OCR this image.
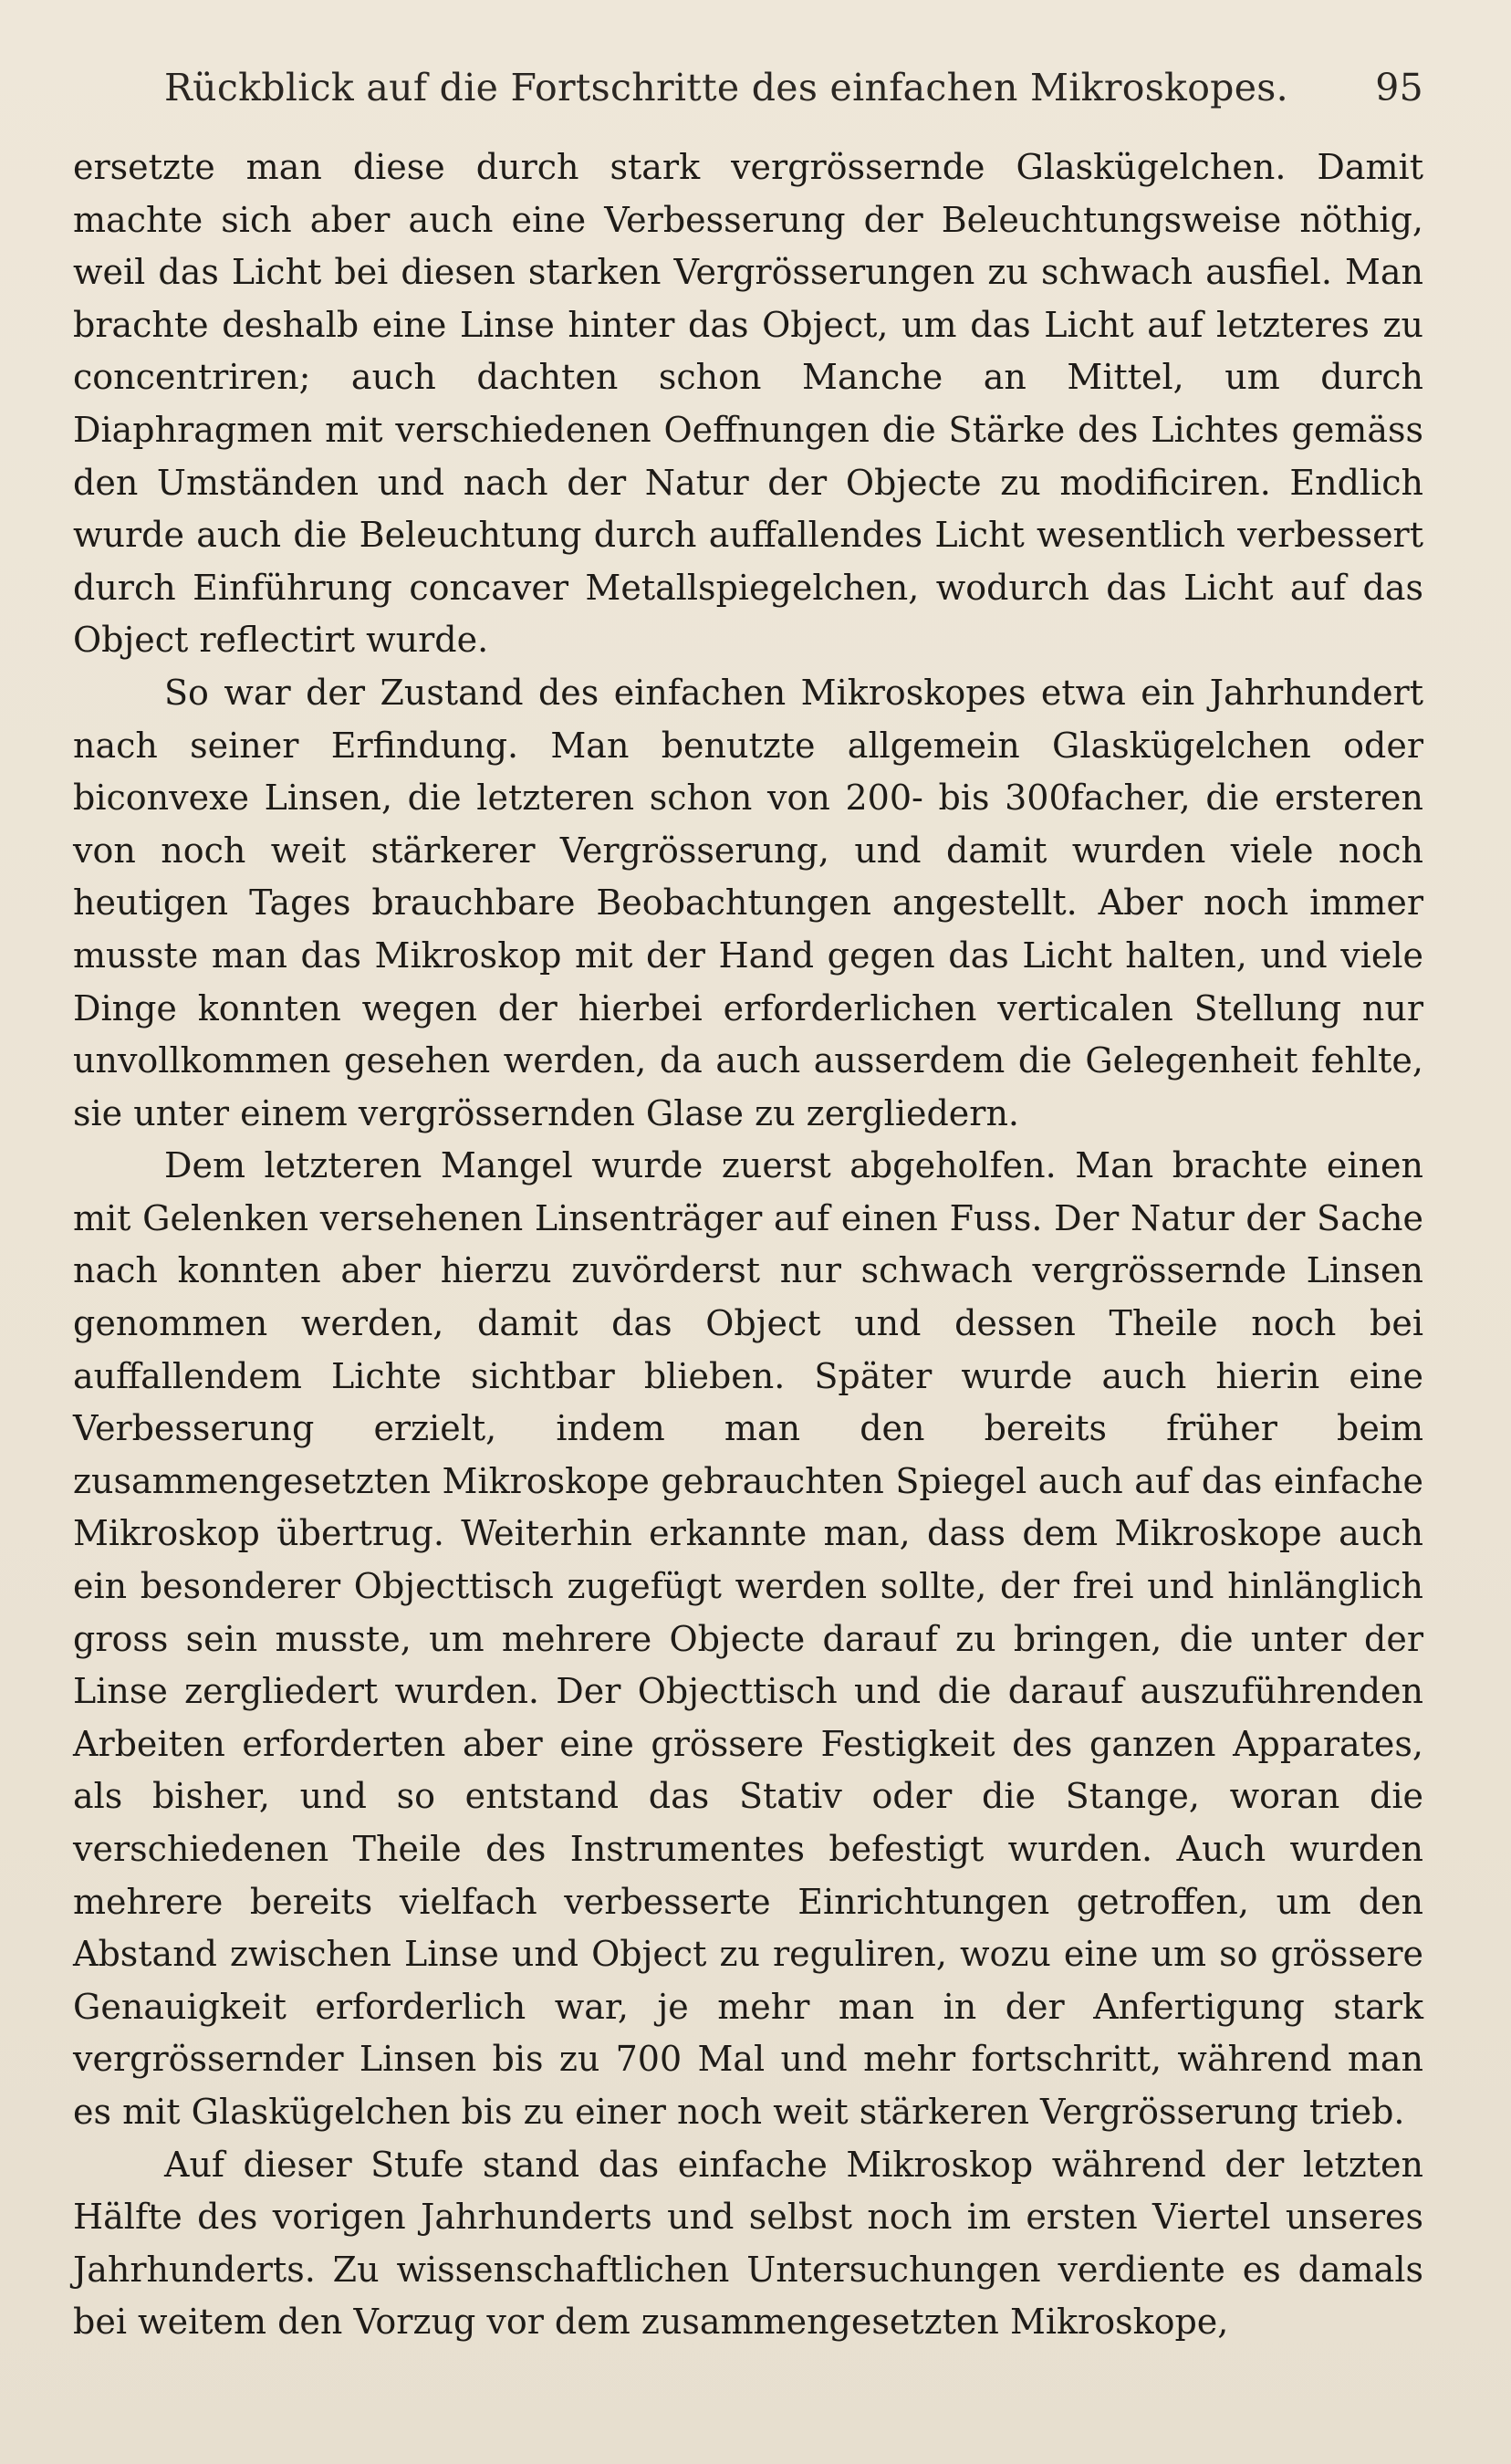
Rückblick auf die Fortschritte des einfachen Mikroskopes. 95

ersetzte man diese durch stark vergrössernde Glaskügelchen. Damit machte sich aber auch eine Verbesserung der Beleuchtungsweise nöthig, weil das Licht bei diesen starken Vergrösserungen zu schwach ausfiel. Man brachte deshalb eine Linse hinter das Object, um das Licht auf letzteres zu concentriren; auch dachten schon Manche an Mittel, um durch Diaphragmen mit verschiedenen Oeffnungen die Stärke des Lichtes gemäss den Umständen und nach der Natur der Objecte zu modificiren. Endlich wurde auch die Beleuchtung durch auffallendes Licht wesentlich verbessert durch Einführung concaver Metallspiegelchen, wodurch das Licht auf das Object reflectirt wurde.

So war der Zustand des einfachen Mikroskopes etwa ein Jahrhundert nach seiner Erfindung. Man benutzte allgemein Glaskügelchen oder biconvexe Linsen, die letzteren schon von 200- bis 300facher, die ersteren von noch weit stärkerer Vergrösserung, und damit wurden viele noch heutigen Tages brauchbare Beobachtungen angestellt. Aber noch immer musste man das Mikroskop mit der Hand gegen das Licht halten, und viele Dinge konnten wegen der hierbei erforderlichen verticalen Stellung nur unvollkommen gesehen werden, da auch ausserdem die Gelegenheit fehlte, sie unter einem vergrössernden Glase zu zergliedern.

Dem letzteren Mangel wurde zuerst abgeholfen. Man brachte einen mit Gelenken versehenen Linsenträger auf einen Fuss. Der Natur der Sache nach konnten aber hierzu zuvörderst nur schwach vergrössernde Linsen genommen werden, damit das Object und dessen Theile noch bei auffallendem Lichte sichtbar blieben. Später wurde auch hierin eine Verbesserung erzielt, indem man den bereits früher beim zusammengesetzten Mikroskope gebrauchten Spiegel auch auf das einfache Mikroskop übertrug. Weiterhin erkannte man, dass dem Mikroskope auch ein besonderer Objecttisch zugefügt werden sollte, der frei und hinlänglich gross sein musste, um mehrere Objecte darauf zu bringen, die unter der Linse zergliedert wurden. Der Objecttisch und die darauf auszuführenden Arbeiten erforderten aber eine grössere Festigkeit des ganzen Apparates, als bisher, und so entstand das Stativ oder die Stange, woran die verschiedenen Theile des Instrumentes befestigt wurden. Auch wurden mehrere bereits vielfach verbesserte Einrichtungen getroffen, um den Abstand zwischen Linse und Object zu reguliren, wozu eine um so grössere Genauigkeit erforderlich war, je mehr man in der Anfertigung stark vergrössernder Linsen bis zu 700 Mal und mehr fortschritt, während man es mit Glaskügelchen bis zu einer noch weit stärkeren Vergrösserung trieb.

Auf dieser Stufe stand das einfache Mikroskop während der letzten Hälfte des vorigen Jahrhunderts und selbst noch im ersten Viertel unseres Jahrhunderts. Zu wissenschaftlichen Untersuchungen verdiente es damals bei weitem den Vorzug vor dem zusammengesetzten Mikroskope,
